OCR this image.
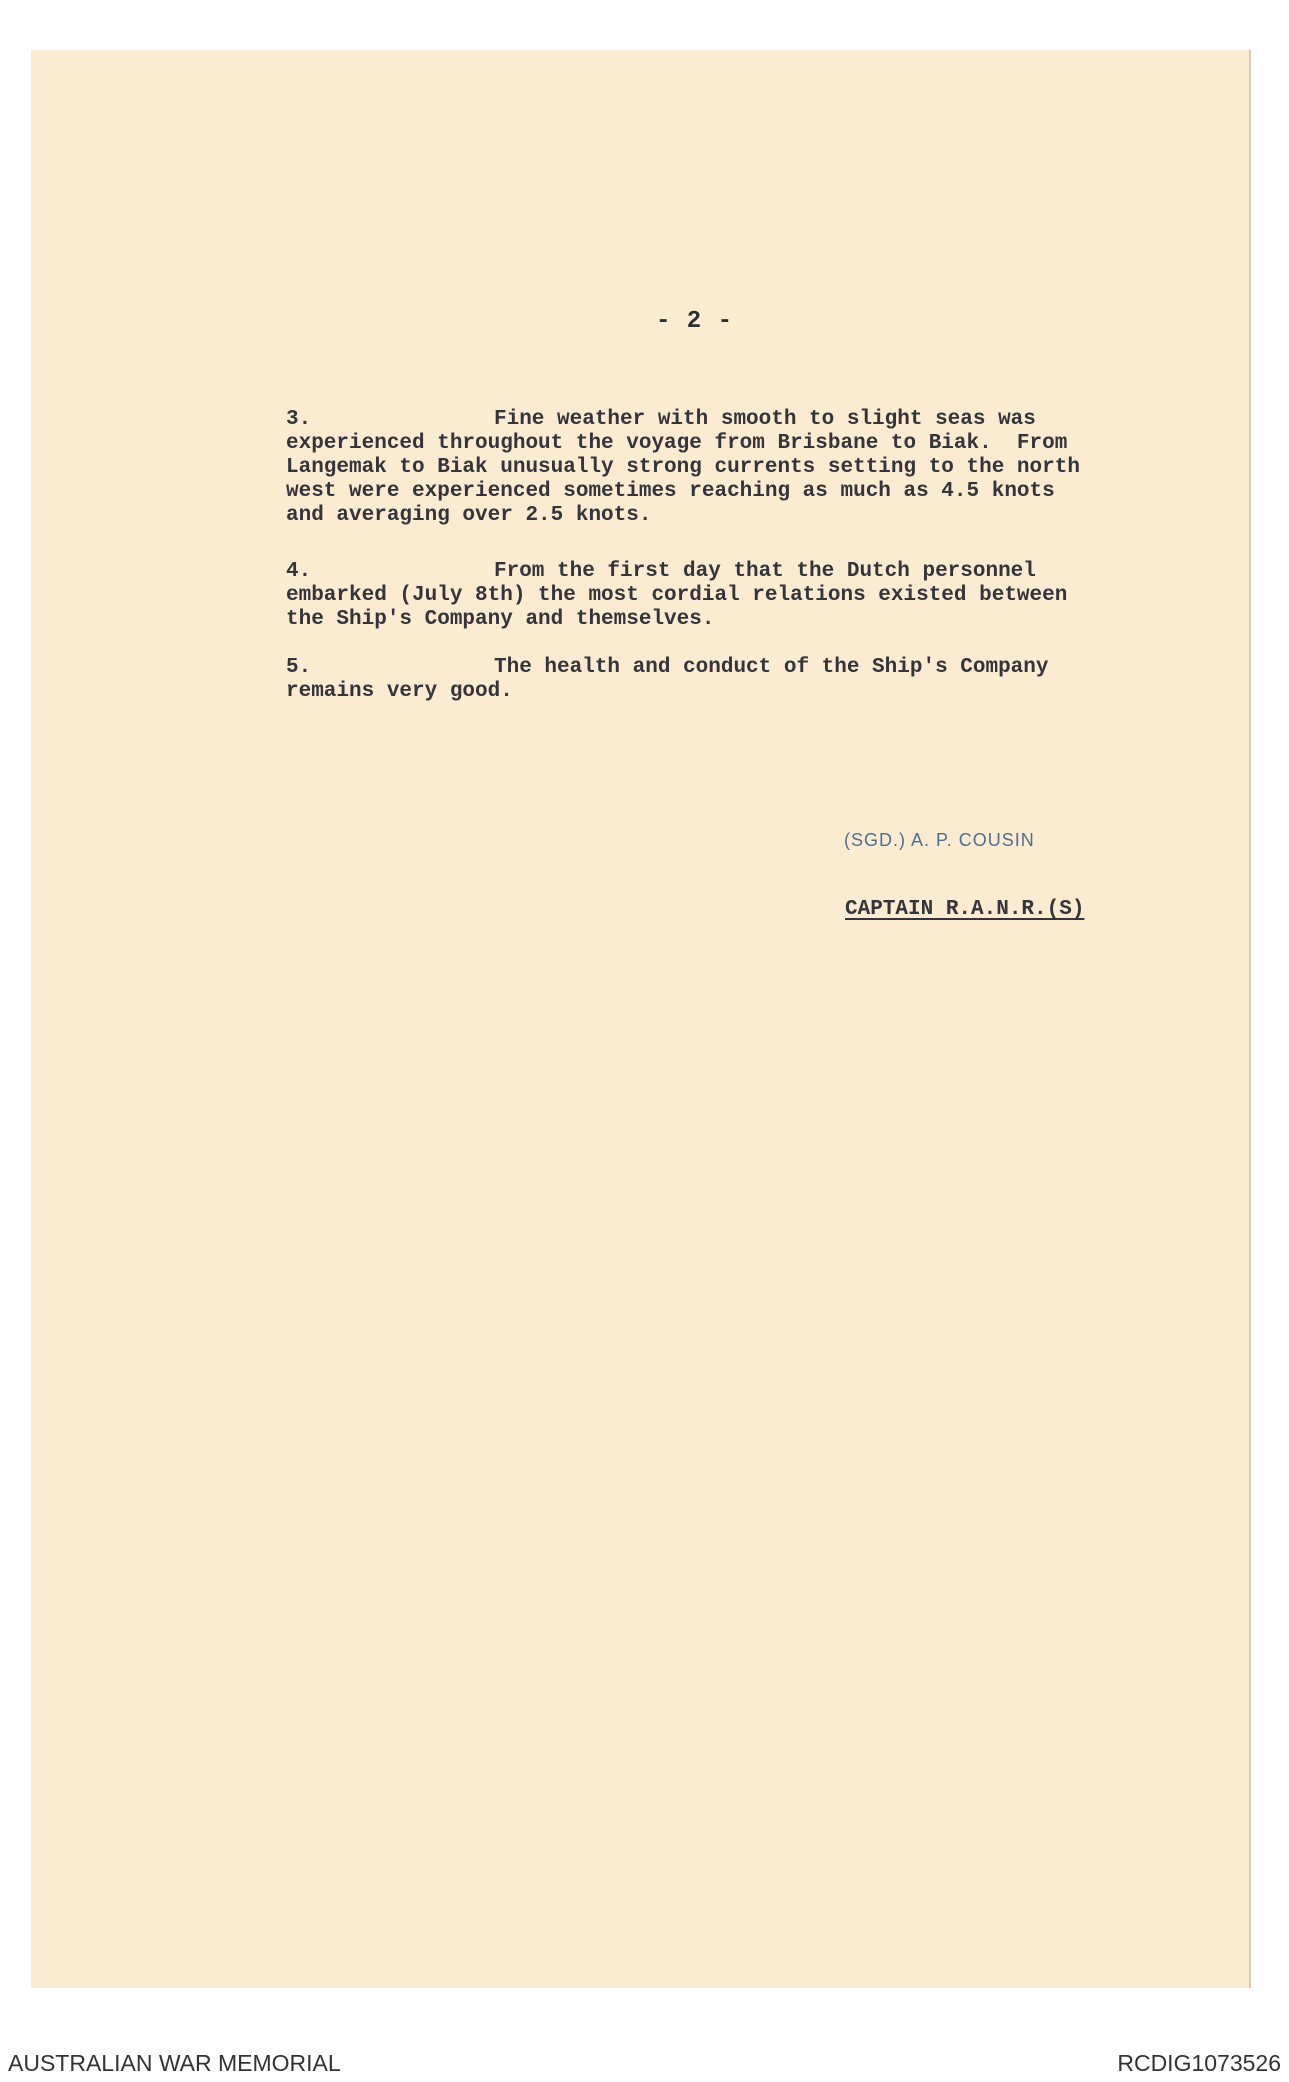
- 2 -
3.	Fine weather with smooth to slight seas was
experienced throughout the voyage from Brisbane to Biak.  From
Langemak to Biak unusually strong currents setting to the north
west were experienced sometimes reaching as much as 4.5 knots
and averaging over 2.5 knots.
4.	From the first day that the Dutch personnel
embarked (July 8th) the most cordial relations existed between
the Ship's Company and themselves.
5.	The health and conduct of the Ship's Company
remains very good.
(SGD.) A. P. COUSIN
CAPTAIN R.A.N.R.(S)
AUSTRALIAN WAR MEMORIAL	RCDIG1073526
